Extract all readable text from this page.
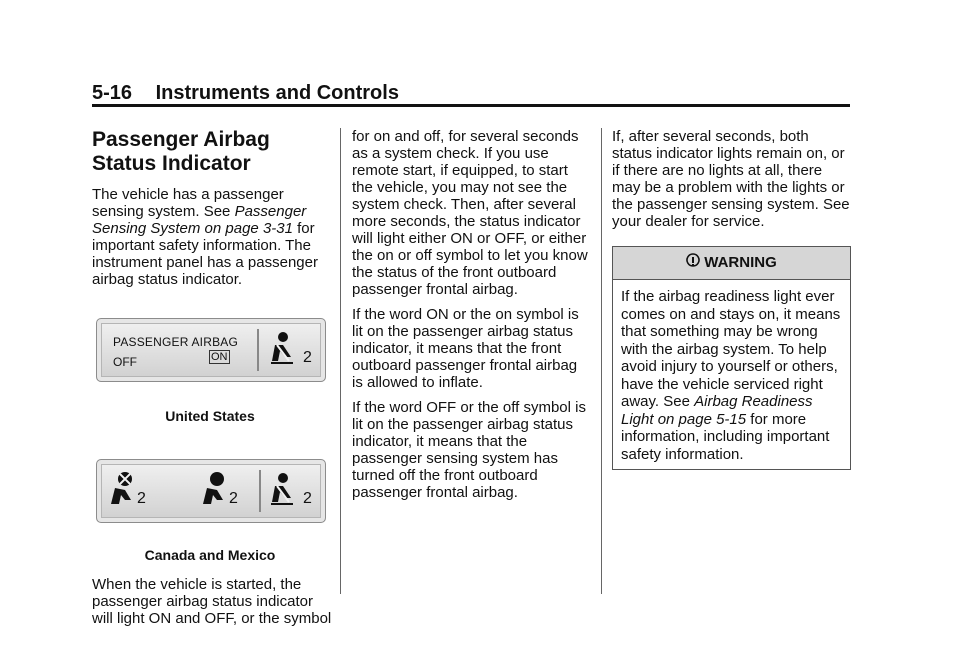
5-16 Instruments and Controls
Passenger Airbag Status Indicator

The vehicle has a passenger sensing system. See Passenger Sensing System on page 3-31 for important safety information. The instrument panel has a passenger airbag status indicator.

PASSENGER AIRBAG
OFF	ON	2
United States
2	2	2
Canada and Mexico

When the vehicle is started, the passenger airbag status indicator will light ON and OFF, or the symbol

for on and off, for several seconds as a system check. If you use remote start, if equipped, to start the vehicle, you may not see the system check. Then, after several more seconds, the status indicator will light either ON or OFF, or either the on or off symbol to let you know the status of the front outboard passenger frontal airbag.

If the word ON or the on symbol is lit on the passenger airbag status indicator, it means that the front outboard passenger frontal airbag is allowed to inflate.

If the word OFF or the off symbol is lit on the passenger airbag status indicator, it means that the passenger sensing system has turned off the front outboard passenger frontal airbag.

If, after several seconds, both status indicator lights remain on, or if there are no lights at all, there may be a problem with the lights or the passenger sensing system. See your dealer for service.

WARNING
If the airbag readiness light ever comes on and stays on, it means that something may be wrong with the airbag system. To help avoid injury to yourself or others, have the vehicle serviced right away. See Airbag Readiness Light on page 5-15 for more information, including important safety information.
